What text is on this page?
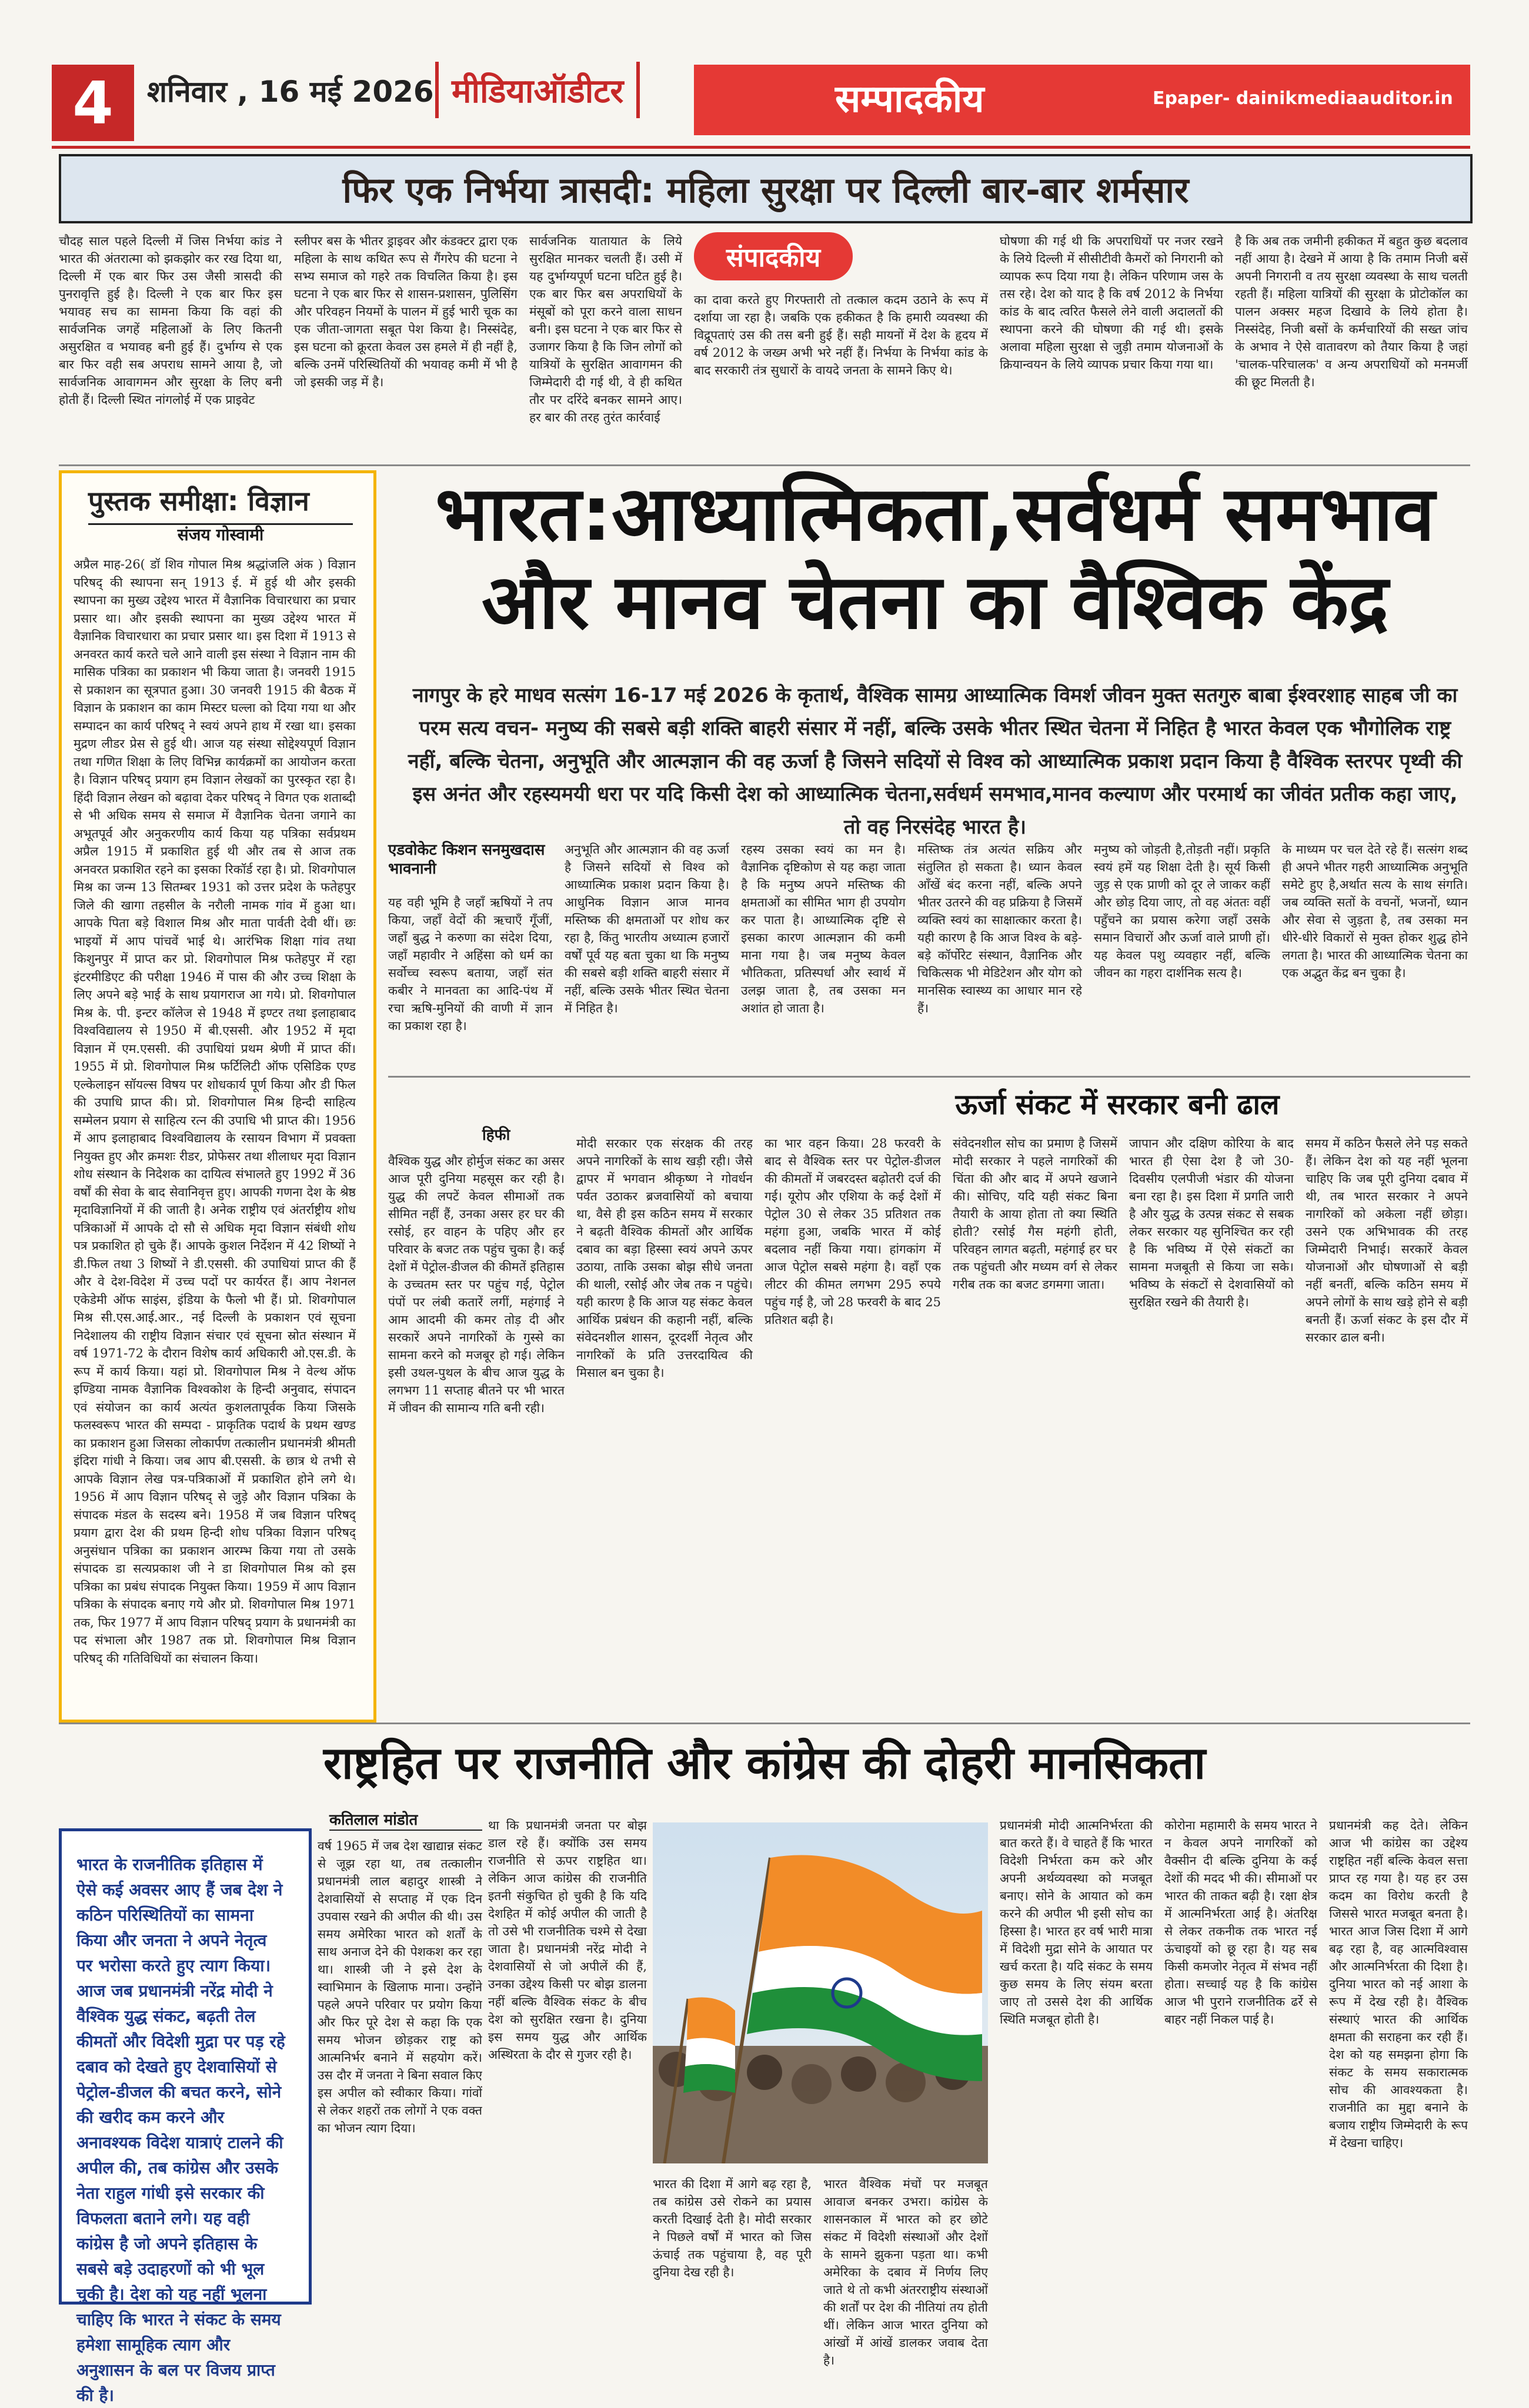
4	शनिवार , 16 मई 2026 मीडियाऑडीटर	सम्पादकीय	Epaper- dainikmediaauditor.in
फिर एक निर्भया त्रासदी: महिला सुरक्षा पर दिल्ली बार-बार शर्मसार
चौदह साल पहले दिल्ली में जिस निर्भया कांड ने भारत की अंतरात्मा को झकझोर कर रख दिया था, दिल्ली में एक बार फिर उस जैसी त्रासदी की पुनरावृत्ति हुई है। दिल्ली ने एक बार फिर इस भयावह सच का सामना किया कि वहां की सार्वजनिक जगहें महिलाओं के लिए कितनी असुरक्षित व भयावह बनी हुई हैं। दुर्भाग्य से एक बार फिर वही सब अपराध सामने आया है, जो सार्वजनिक आवागमन और सुरक्षा के लिए बनी होती हैं। दिल्ली स्थित नांगलोई में एक प्राइवेट
स्लीपर बस के भीतर ड्राइवर और कंडक्टर द्वारा एक महिला के साथ कथित रूप से गैंगरेप की घटना ने सभ्य समाज को गहरे तक विचलित किया है। इस घटना ने एक बार फिर से शासन-प्रशासन, पुलिसिंग और परिवहन नियमों के पालन में हुई भारी चूक का एक जीता-जागता सबूत पेश किया है। निस्संदेह, इस घटना को क्रूरता केवल उस हमले में ही नहीं है, बल्कि उनमें परिस्थितियों की भयावह कमी में भी है जो इसकी जड़ में है।
सार्वजनिक यातायात के लिये सुरक्षित मानकर चलती हैं। उसी में यह दुर्भाग्यपूर्ण घटना घटित हुई है। एक बार फिर बस अपराधियों के मंसूबों को पूरा करने वाला साधन बनी। इस घटना ने एक बार फिर से उजागर किया है कि जिन लोगों को यात्रियों के सुरक्षित आवागमन की जिम्मेदारी दी गई थी, वे ही कथित तौर पर दरिंदे बनकर सामने आए। हर बार की तरह तुरंत कार्रवाई
संपादकीय
का दावा करते हुए गिरफ्तारी तो तत्काल कदम उठाने के रूप में दर्शाया जा रहा है। जबकि एक हकीकत है कि हमारी व्यवस्था की विद्रूपताएं उस की तस बनी हुई हैं। सही मायनों में देश के हृदय में वर्ष 2012 के जख्म अभी भरे नहीं हैं। निर्भया के निर्भया कांड के बाद सरकारी तंत्र सुधारों के वायदे जनता के सामने किए थे।
घोषणा की गई थी कि अपराधियों पर नजर रखने के लिये दिल्ली में सीसीटीवी कैमरों को निगरानी को व्यापक रूप दिया गया है। लेकिन परिणाम जस के तस रहे। देश को याद है कि वर्ष 2012 के निर्भया कांड के बाद त्वरित फैसले लेने वाली अदालतों की स्थापना करने की घोषणा की गई थी। इसके अलावा महिला सुरक्षा से जुड़ी तमाम योजनाओं के क्रियान्वयन के लिये व्यापक प्रचार किया गया था।
है कि अब तक जमीनी हकीकत में बहुत कुछ बदलाव नहीं आया है। देखने में आया है कि तमाम निजी बसें अपनी निगरानी व तय सुरक्षा व्यवस्था के साथ चलती रहती हैं। महिला यात्रियों की सुरक्षा के प्रोटोकॉल का पालन अक्सर महज दिखावे के लिये होता है। निस्संदेह, निजी बसों के कर्मचारियों की सख्त जांच के अभाव ने ऐसे वातावरण को तैयार किया है जहां 'चालक-परिचालक' व अन्य अपराधियों को मनमर्जी की छूट मिलती है।
पुस्तक समीक्षा: विज्ञान
संजय गोस्वामी
अप्रैल माह-26( डॉ शिव गोपाल मिश्र श्रद्धांजलि अंक ) विज्ञान परिषद् की स्थापना सन् 1913 ई. में हुई थी और इसकी स्थापना का मुख्य उद्देश्य भारत में वैज्ञानिक विचारधारा का प्रचार प्रसार था। और इसकी स्थापना का मुख्य उद्देश्य भारत में वैज्ञानिक विचारधारा का प्रचार प्रसार था। इस दिशा में 1913 से अनवरत कार्य करते चले आने वाली इस संस्था ने विज्ञान नाम की मासिक पत्रिका का प्रकाशन भी किया जाता है। जनवरी 1915 से प्रकाशन का सूत्रपात हुआ। 30 जनवरी 1915 की बैठक में विज्ञान के प्रकाशन का काम मिस्टर घल्ला को दिया गया था और सम्पादन का कार्य परिषद् ने स्वयं अपने हाथ में रखा था। इसका मुद्रण लीडर प्रेस से हुई थी। आज यह संस्था सोद्देश्यपूर्ण विज्ञान तथा गणित शिक्षा के लिए विभिन्न कार्यक्रमों का आयोजन करता है। विज्ञान परिषद् प्रयाग हम विज्ञान लेखकों का पुरस्कृत रहा है। हिंदी विज्ञान लेखन को बढ़ावा देकर परिषद् ने विगत एक शताब्दी से भी अधिक समय से समाज में वैज्ञानिक चेतना जगाने का अभूतपूर्व और अनुकरणीय कार्य किया यह पत्रिका सर्वप्रथम अप्रैल 1915 में प्रकाशित हुई थी और तब से आज तक अनवरत प्रकाशित रहने का इसका रिकॉर्ड रहा है। प्रो. शिवगोपाल मिश्र का जन्म 13 सितम्बर 1931 को उत्तर प्रदेश के फतेहपुर जिले की खागा तहसील के नरौली नामक गांव में हुआ था। आपके पिता बड़े विशाल मिश्र और माता पार्वती देवी थीं। छः भाइयों में आप पांचवें भाई थे। आरंभिक शिक्षा गांव तथा किशुनपुर में प्राप्त कर प्रो. शिवगोपाल मिश्र फतेहपुर में रहा इंटरमीडिएट की परीक्षा 1946 में पास की और उच्च शिक्षा के लिए अपने बड़े भाई के साथ प्रयागराज आ गये। प्रो. शिवगोपाल मिश्र के. पी. इन्टर कॉलेज से 1948 में इण्टर तथा इलाहाबाद विश्वविद्यालय से 1950 में बी.एससी. और 1952 में मृदा विज्ञान में एम.एससी. की उपाधियां प्रथम श्रेणी में प्राप्त कीं। 1955 में प्रो. शिवगोपाल मिश्र फर्टिलिटी ऑफ एसिडिक एण्ड एल्केलाइन सॉयल्स विषय पर शोधकार्य पूर्ण किया और डी फिल की उपाधि प्राप्त की। प्रो. शिवगोपाल मिश्र हिन्दी साहित्य सम्मेलन प्रयाग से साहित्य रत्न की उपाधि भी प्राप्त की। 1956 में आप इलाहाबाद विश्वविद्यालय के रसायन विभाग में प्रवक्ता नियुक्त हुए और क्रमशः रीडर, प्रोफेसर तथा शीलाधर मृदा विज्ञान शोध संस्थान के निदेशक का दायित्व संभालते हुए 1992 में 36 वर्षों की सेवा के बाद सेवानिवृत्त हुए। आपकी गणना देश के श्रेष्ठ मृदाविज्ञानियों में की जाती है। अनेक राष्ट्रीय एवं अंतर्राष्ट्रीय शोध पत्रिकाओं में आपके दो सौ से अधिक मृदा विज्ञान संबंधी शोध पत्र प्रकाशित हो चुके हैं। आपके कुशल निर्देशन में 42 शिष्यों ने डी.फिल तथा 3 शिष्यों ने डी.एससी. की उपाधियां प्राप्त की हैं और वे देश-विदेश में उच्च पदों पर कार्यरत हैं। आप नेशनल एकेडेमी ऑफ साइंस, इंडिया के फैलो भी हैं। प्रो. शिवगोपाल मिश्र सी.एस.आई.आर., नई दिल्ली के प्रकाशन एवं सूचना निदेशालय की राष्ट्रीय विज्ञान संचार एवं सूचना स्रोत संस्थान में वर्ष 1971-72 के दौरान विशेष कार्य अधिकारी ओ.एस.डी. के रूप में कार्य किया। यहां प्रो. शिवगोपाल मिश्र ने वेल्थ ऑफ इण्डिया नामक वैज्ञानिक विश्वकोश के हिन्दी अनुवाद, संपादन एवं संयोजन का कार्य अत्यंत कुशलतापूर्वक किया जिसके फलस्वरूप भारत की सम्पदा - प्राकृतिक पदार्थ के प्रथम खण्ड का प्रकाशन हुआ जिसका लोकार्पण तत्कालीन प्रधानमंत्री श्रीमती इंदिरा गांधी ने किया। जब आप बी.एससी. के छात्र थे तभी से आपके विज्ञान लेख पत्र-पत्रिकाओं में प्रकाशित होने लगे थे। 1956 में आप विज्ञान परिषद् से जुड़े और विज्ञान पत्रिका के संपादक मंडल के सदस्य बने। 1958 में जब विज्ञान परिषद् प्रयाग द्वारा देश की प्रथम हिन्दी शोध पत्रिका विज्ञान परिषद् अनुसंधान पत्रिका का प्रकाशन आरम्भ किया गया तो उसके संपादक डा सत्यप्रकाश जी ने डा शिवगोपाल मिश्र को इस पत्रिका का प्रबंध संपादक नियुक्त किया। 1959 में आप विज्ञान पत्रिका के संपादक बनाए गये और प्रो. शिवगोपाल मिश्र 1971 तक, फिर 1977 में आप विज्ञान परिषद् प्रयाग के प्रधानमंत्री का पद संभाला और 1987 तक प्रो. शिवगोपाल मिश्र विज्ञान परिषद् की गतिविधियों का संचालन किया।
भारत:आध्यात्मिकता,सर्वधर्म समभाव
और मानव चेतना का वैश्विक केंद्र
नागपुर के हरे माधव सत्संग 16-17 मई 2026 के कृतार्थ, वैश्विक सामग्र आध्यात्मिक विमर्श जीवन मुक्त सतगुरु बाबा ईश्वरशाह साहब जी का परम सत्य वचन- मनुष्य की सबसे बड़ी शक्ति बाहरी संसार में नहीं, बल्कि उसके भीतर स्थित चेतना में निहित है भारत केवल एक भौगोलिक राष्ट्र नहीं, बल्कि चेतना, अनुभूति और आत्मज्ञान की वह ऊर्जा है जिसने सदियों से विश्व को आध्यात्मिक प्रकाश प्रदान किया है वैश्विक स्तरपर पृथ्वी की इस अनंत और रहस्यमयी धरा पर यदि किसी देश को आध्यात्मिक चेतना,सर्वधर्म समभाव,मानव कल्याण और परमार्थ का जीवंत प्रतीक कहा जाए, तो वह निरसंदेह भारत है।
एडवोकेट किशन सनमुखदास भावनानी
यह वही भूमि है जहाँ ऋषियों ने तप किया, जहाँ वेदों की ऋचाएँ गूँजीं, जहाँ बुद्ध ने करुणा का संदेश दिया, जहाँ महावीर ने अहिंसा को धर्म का सर्वोच्च स्वरूप बताया, जहाँ संत कबीर ने मानवता का आदि-पंथ में रचा ऋषि-मुनियों की वाणी में ज्ञान का प्रकाश रहा है।
अनुभूति और आत्मज्ञान की वह ऊर्जा है जिसने सदियों से विश्व को आध्यात्मिक प्रकाश प्रदान किया है। आधुनिक विज्ञान आज मानव मस्तिष्क की क्षमताओं पर शोध कर रहा है, किंतु भारतीय अध्यात्म हजारों वर्षों पूर्व यह बता चुका था कि मनुष्य की सबसे बड़ी शक्ति बाहरी संसार में नहीं, बल्कि उसके भीतर स्थित चेतना में निहित है।
रहस्य उसका स्वयं का मन है। वैज्ञानिक दृष्टिकोण से यह कहा जाता है कि मनुष्य अपने मस्तिष्क की क्षमताओं का सीमित भाग ही उपयोग कर पाता है। आध्यात्मिक दृष्टि से इसका कारण आत्मज्ञान की कमी माना गया है। जब मनुष्य केवल भौतिकता, प्रतिस्पर्धा और स्वार्थ में उलझ जाता है, तब उसका मन अशांत हो जाता है।
मस्तिष्क तंत्र अत्यंत सक्रिय और संतुलित हो सकता है। ध्यान केवल आँखें बंद करना नहीं, बल्कि अपने भीतर उतरने की वह प्रक्रिया है जिसमें व्यक्ति स्वयं का साक्षात्कार करता है। यही कारण है कि आज विश्व के बड़े-बड़े कॉर्पोरेट संस्थान, वैज्ञानिक और चिकित्सक भी मेडिटेशन और योग को मानसिक स्वास्थ्य का आधार मान रहे हैं।
मनुष्य को जोड़ती है,तोड़ती नहीं। प्रकृति स्वयं हमें यह शिक्षा देती है। सूर्य किसी जुड़ से एक प्राणी को दूर ले जाकर कहीं और छोड़ दिया जाए, तो वह अंततः वहीं पहुँचने का प्रयास करेगा जहाँ उसके समान विचारों और ऊर्जा वाले प्राणी हों। यह केवल पशु व्यवहार नहीं, बल्कि जीवन का गहरा दार्शनिक सत्य है।
के माध्यम पर चल देते रहे हैं। सत्संग शब्द ही अपने भीतर गहरी आध्यात्मिक अनुभूति समेटे हुए है,अर्थात सत्य के साथ संगति। जब व्यक्ति सतों के वचनों, भजनों, ध्यान और सेवा से जुड़ता है, तब उसका मन धीरे-धीरे विकारों से मुक्त होकर शुद्ध होने लगता है। भारत की आध्यात्मिक चेतना का एक अद्भुत केंद्र बन चुका है।
ऊर्जा संकट में सरकार बनी ढाल
हिफी
वैश्विक युद्ध और होर्मुज संकट का असर आज पूरी दुनिया महसूस कर रही है। युद्ध की लपटें केवल सीमाओं तक सीमित नहीं हैं, उनका असर हर घर की रसोई, हर वाहन के पहिए और हर परिवार के बजट तक पहुंच चुका है। कई देशों में पेट्रोल-डीजल की कीमतें इतिहास के उच्चतम स्तर पर पहुंच गई, पेट्रोल पंपों पर लंबी कतारें लगीं, महंगाई ने आम आदमी की कमर तोड़ दी और सरकारें अपने नागरिकों के गुस्से का सामना करने को मजबूर हो गई। लेकिन इसी उथल-पुथल के बीच आज युद्ध के लगभग 11 सप्ताह बीतने पर भी भारत में जीवन की सामान्य गति बनी रही।
मोदी सरकार एक संरक्षक की तरह अपने नागरिकों के साथ खड़ी रही। जैसे द्वापर में भगवान श्रीकृष्ण ने गोवर्धन पर्वत उठाकर ब्रजवासियों को बचाया था, वैसे ही इस कठिन समय में सरकार ने बढ़ती वैश्विक कीमतों और आर्थिक दबाव का बड़ा हिस्सा स्वयं अपने ऊपर उठाया, ताकि उसका बोझ सीधे जनता की थाली, रसोई और जेब तक न पहुंचे। यही कारण है कि आज यह संकट केवल आर्थिक प्रबंधन की कहानी नहीं, बल्कि संवेदनशील शासन, दूरदर्शी नेतृत्व और नागरिकों के प्रति उत्तरदायित्व की मिसाल बन चुका है।
का भार वहन किया। 28 फरवरी के बाद से वैश्विक स्तर पर पेट्रोल-डीजल की कीमतों में जबरदस्त बढ़ोतरी दर्ज की गई। यूरोप और एशिया के कई देशों में पेट्रोल 30 से लेकर 35 प्रतिशत तक महंगा हुआ, जबकि भारत में कोई बदलाव नहीं किया गया। हांगकांग में आज पेट्रोल सबसे महंगा है। वहाँ एक लीटर की कीमत लगभग 295 रुपये पहुंच गई है, जो 28 फरवरी के बाद 25 प्रतिशत बढ़ी है।
संवेदनशील सोच का प्रमाण है जिसमें मोदी सरकार ने पहले नागरिकों की चिंता की और बाद में अपने खजाने की। सोचिए, यदि यही संकट बिना तैयारी के आया होता तो क्या स्थिति होती? रसोई गैस महंगी होती, परिवहन लागत बढ़ती, महंगाई हर घर तक पहुंचती और मध्यम वर्ग से लेकर गरीब तक का बजट डगमगा जाता।
जापान और दक्षिण कोरिया के बाद भारत ही ऐसा देश है जो 30-दिवसीय एलपीजी भंडार की योजना बना रहा है। इस दिशा में प्रगति जारी है और युद्ध के उत्पन्न संकट से सबक लेकर सरकार यह सुनिश्चित कर रही है कि भविष्य में ऐसे संकटों का सामना मजबूती से किया जा सके। भविष्य के संकटों से देशवासियों को सुरक्षित रखने की तैयारी है।
समय में कठिन फैसले लेने पड़ सकते हैं। लेकिन देश को यह नहीं भूलना चाहिए कि जब पूरी दुनिया दबाव में थी, तब भारत सरकार ने अपने नागरिकों को अकेला नहीं छोड़ा। उसने एक अभिभावक की तरह जिम्मेदारी निभाई। सरकारें केवल योजनाओं और घोषणाओं से बड़ी नहीं बनतीं, बल्कि कठिन समय में अपने लोगों के साथ खड़े होने से बड़ी बनती हैं। ऊर्जा संकट के इस दौर में सरकार ढाल बनी।
राष्ट्रहित पर राजनीति और कांग्रेस की दोहरी मानसिकता
भारत के राजनीतिक इतिहास में ऐसे कई अवसर आए हैं जब देश ने कठिन परिस्थितियों का सामना किया और जनता ने अपने नेतृत्व पर भरोसा करते हुए त्याग किया। आज जब प्रधानमंत्री नरेंद्र मोदी ने वैश्विक युद्ध संकट, बढ़ती तेल कीमतों और विदेशी मुद्रा पर पड़ रहे दबाव को देखते हुए देशवासियों से पेट्रोल-डीजल की बचत करने, सोने की खरीद कम करने और अनावश्यक विदेश यात्राएं टालने की अपील की, तब कांग्रेस और उसके नेता राहुल गांधी इसे सरकार की विफलता बताने लगे। यह वही कांग्रेस है जो अपने इतिहास के सबसे बड़े उदाहरणों को भी भूल चुकी है। देश को यह नहीं भूलना चाहिए कि भारत ने संकट के समय हमेशा सामूहिक त्याग और अनुशासन के बल पर विजय प्राप्त की है।
कतिलाल मांडोत
वर्ष 1965 में जब देश खाद्यान्न संकट से जूझ रहा था, तब तत्कालीन प्रधानमंत्री लाल बहादुर शास्त्री ने देशवासियों से सप्ताह में एक दिन उपवास रखने की अपील की थी। उस समय अमेरिका भारत को शर्तों के साथ अनाज देने की पेशकश कर रहा था। शास्त्री जी ने इसे देश के स्वाभिमान के खिलाफ माना। उन्होंने पहले अपने परिवार पर प्रयोग किया और फिर पूरे देश से कहा कि एक समय भोजन छोड़कर राष्ट्र को आत्मनिर्भर बनाने में सहयोग करें। उस दौर में जनता ने बिना सवाल किए इस अपील को स्वीकार किया। गांवों से लेकर शहरों तक लोगों ने एक वक्त का भोजन त्याग दिया।
था कि प्रधानमंत्री जनता पर बोझ डाल रहे हैं। क्योंकि उस समय राजनीति से ऊपर राष्ट्रहित था। लेकिन आज कांग्रेस की राजनीति इतनी संकुचित हो चुकी है कि यदि देशहित में कोई अपील की जाती है तो उसे भी राजनीतिक चश्मे से देखा जाता है। प्रधानमंत्री नरेंद्र मोदी ने देशवासियों से जो अपीलें की हैं, उनका उद्देश्य किसी पर बोझ डालना नहीं बल्कि वैश्विक संकट के बीच देश को सुरक्षित रखना है। दुनिया इस समय युद्ध और आर्थिक अस्थिरता के दौर से गुजर रही है।
भारत की दिशा में आगे बढ़ रहा है, तब कांग्रेस उसे रोकने का प्रयास करती दिखाई देती है। मोदी सरकार ने पिछले वर्षों में भारत को जिस ऊंचाई तक पहुंचाया है, वह पूरी दुनिया देख रही है।
भारत वैश्विक मंचों पर मजबूत आवाज बनकर उभरा। कांग्रेस के शासनकाल में भारत को हर छोटे संकट में विदेशी संस्थाओं और देशों के सामने झुकना पड़ता था। कभी अमेरिका के दबाव में निर्णय लिए जाते थे तो कभी अंतरराष्ट्रीय संस्थाओं की शर्तों पर देश की नीतियां तय होती थीं। लेकिन आज भारत दुनिया को आंखों में आंखें डालकर जवाब देता है।
प्रधानमंत्री मोदी आत्मनिर्भरता की बात करते हैं। वे चाहते हैं कि भारत विदेशी निर्भरता कम करे और अपनी अर्थव्यवस्था को मजबूत बनाए। सोने के आयात को कम करने की अपील भी इसी सोच का हिस्सा है। भारत हर वर्ष भारी मात्रा में विदेशी मुद्रा सोने के आयात पर खर्च करता है। यदि संकट के समय कुछ समय के लिए संयम बरता जाए तो उससे देश की आर्थिक स्थिति मजबूत होती है।
कोरोना महामारी के समय भारत ने न केवल अपने नागरिकों को वैक्सीन दी बल्कि दुनिया के कई देशों की मदद भी की। सीमाओं पर भारत की ताकत बढ़ी है। रक्षा क्षेत्र में आत्मनिर्भरता आई है। अंतरिक्ष से लेकर तकनीक तक भारत नई ऊंचाइयों को छू रहा है। यह सब किसी कमजोर नेतृत्व में संभव नहीं होता। सच्चाई यह है कि कांग्रेस आज भी पुराने राजनीतिक ढर्रे से बाहर नहीं निकल पाई है।
प्रधानमंत्री कह देते। लेकिन आज भी कांग्रेस का उद्देश्य राष्ट्रहित नहीं बल्कि केवल सत्ता प्राप्त रह गया है। यह हर उस कदम का विरोध करती है जिससे भारत मजबूत बनता है। भारत आज जिस दिशा में आगे बढ़ रहा है, वह आत्मविश्वास और आत्मनिर्भरता की दिशा है। दुनिया भारत को नई आशा के रूप में देख रही है। वैश्विक संस्थाएं भारत की आर्थिक क्षमता की सराहना कर रही हैं। देश को यह समझना होगा कि संकट के समय सकारात्मक सोच की आवश्यकता है। राजनीति का मुद्दा बनाने के बजाय राष्ट्रीय जिम्मेदारी के रूप में देखना चाहिए।
